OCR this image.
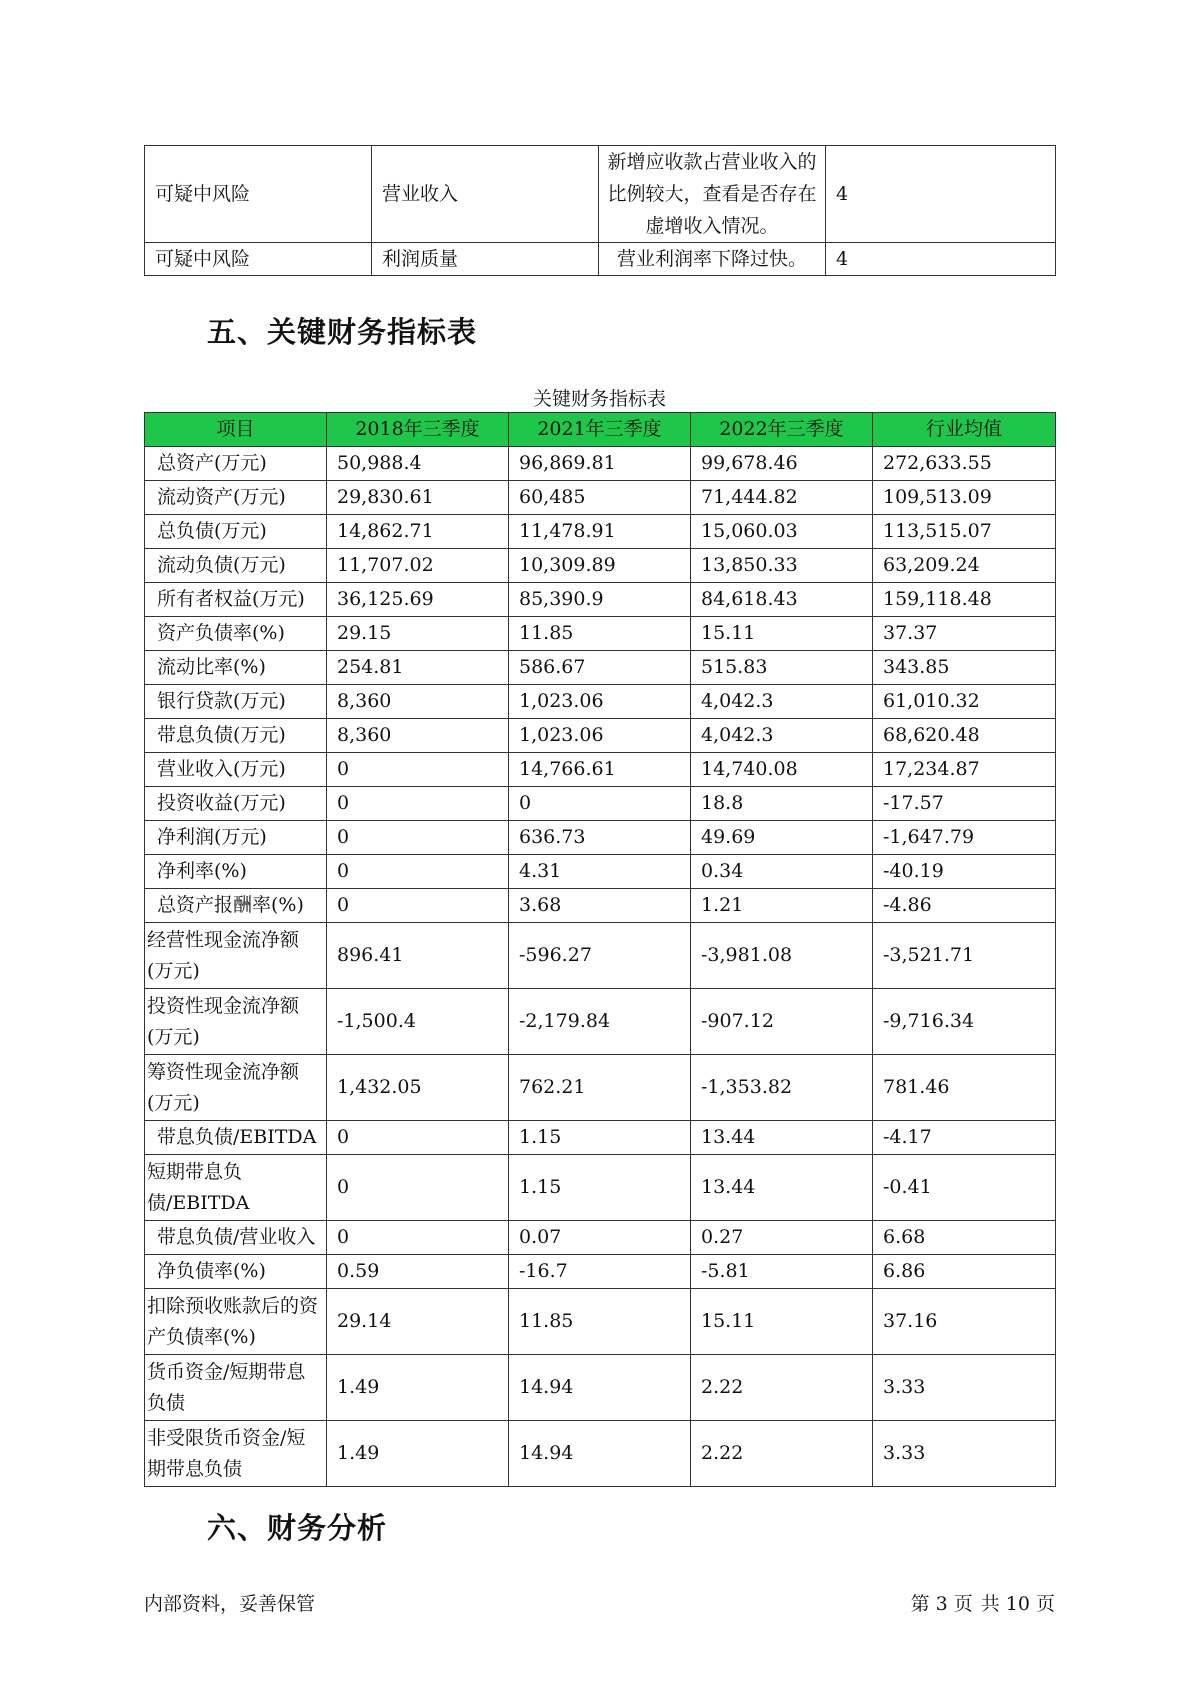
可疑中风险	营业收入	新增应收款占营业收入的比例较大，查看是否存在虚增收入情况。	4
可疑中风险	利润质量	营业利润率下降过快。	4
五、关键财务指标表
关键财务指标表
项目	2018年三季度	2021年三季度	2022年三季度	行业均值
总资产(万元)	50,988.4	96,869.81	99,678.46	272,633.55
流动资产(万元)	29,830.61	60,485	71,444.82	109,513.09
总负债(万元)	14,862.71	11,478.91	15,060.03	113,515.07
流动负债(万元)	11,707.02	10,309.89	13,850.33	63,209.24
所有者权益(万元)	36,125.69	85,390.9	84,618.43	159,118.48
资产负债率(%)	29.15	11.85	15.11	37.37
流动比率(%)	254.81	586.67	515.83	343.85
银行贷款(万元)	8,360	1,023.06	4,042.3	61,010.32
带息负债(万元)	8,360	1,023.06	4,042.3	68,620.48
营业收入(万元)	0	14,766.61	14,740.08	17,234.87
投资收益(万元)	0	0	18.8	-17.57
净利润(万元)	0	636.73	49.69	-1,647.79
净利率(%)	0	4.31	0.34	-40.19
总资产报酬率(%)	0	3.68	1.21	-4.86
经营性现金流净额(万元)	896.41	-596.27	-3,981.08	-3,521.71
投资性现金流净额(万元)	-1,500.4	-2,179.84	-907.12	-9,716.34
筹资性现金流净额(万元)	1,432.05	762.21	-1,353.82	781.46
带息负债/EBITDA	0	1.15	13.44	-4.17
短期带息负债/EBITDA	0	1.15	13.44	-0.41
带息负债/营业收入	0	0.07	0.27	6.68
净负债率(%)	0.59	-16.7	-5.81	6.86
扣除预收账款后的资产负债率(%)	29.14	11.85	15.11	37.16
货币资金/短期带息负债	1.49	14.94	2.22	3.33
非受限货币资金/短期带息负债	1.49	14.94	2.22	3.33
六、财务分析
内部资料，妥善保管	第 3 页 共 10 页
